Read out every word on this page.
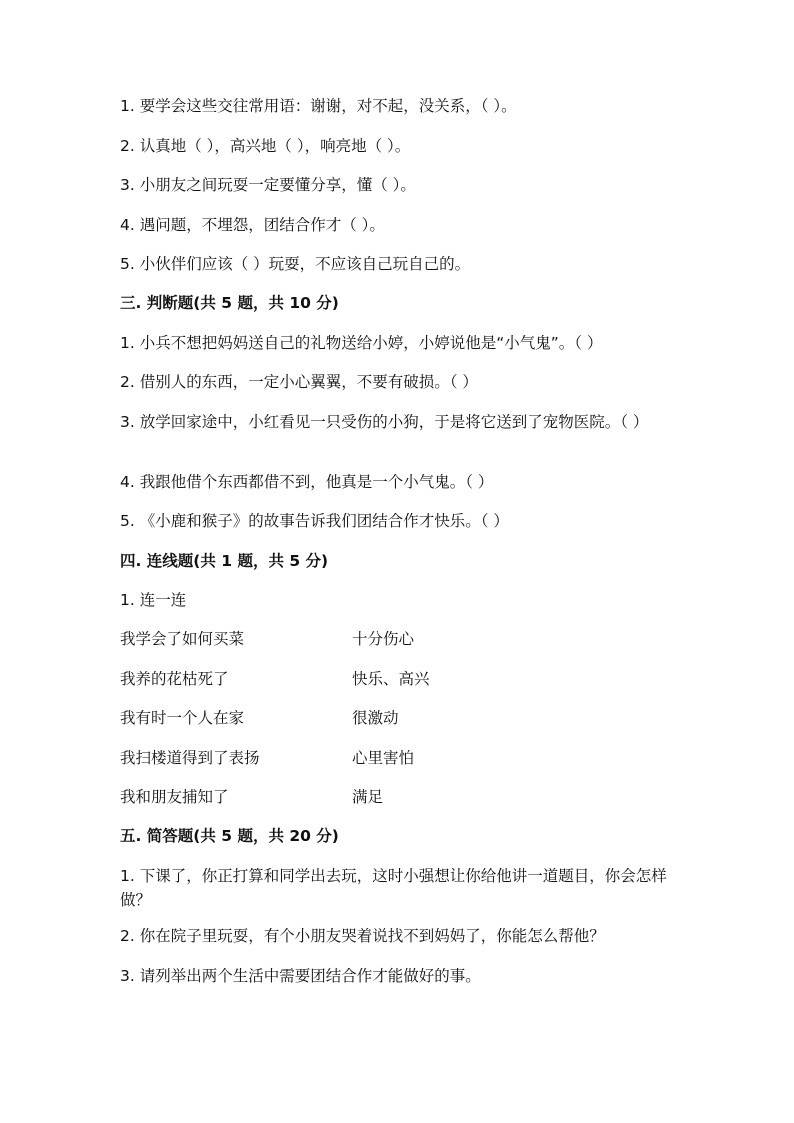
1. 要学会这些交往常用语：谢谢，对不起，没关系，（ ）。
2. 认真地（ ），高兴地（ ），响亮地（ ）。
3. 小朋友之间玩耍一定要懂分享，懂（ ）。
4. 遇问题，不埋怨，团结合作才（ ）。
5. 小伙伴们应该（ ）玩耍，不应该自己玩自己的。
三. 判断题(共 5 题，共 10 分)
1. 小兵不想把妈妈送自己的礼物送给小婷，小婷说他是“小气鬼”。（ ）
2. 借别人的东西，一定小心翼翼，不要有破损。（ ）
3. 放学回家途中，小红看见一只受伤的小狗，于是将它送到了宠物医院。（ ）
4. 我跟他借个东西都借不到，他真是一个小气鬼。（ ）
5. 《小鹿和猴子》的故事告诉我们团结合作才快乐。（ ）
四. 连线题(共 1 题，共 5 分)
1. 连一连
我学会了如何买菜	十分伤心
我养的花枯死了	快乐、高兴
我有时一个人在家	很激动
我扫楼道得到了表扬	心里害怕
我和朋友捕知了	满足
五. 简答题(共 5 题，共 20 分)
1. 下课了，你正打算和同学出去玩，这时小强想让你给他讲一道题目，你会怎样做？
2. 你在院子里玩耍，有个小朋友哭着说找不到妈妈了，你能怎么帮他？
3. 请列举出两个生活中需要团结合作才能做好的事。
